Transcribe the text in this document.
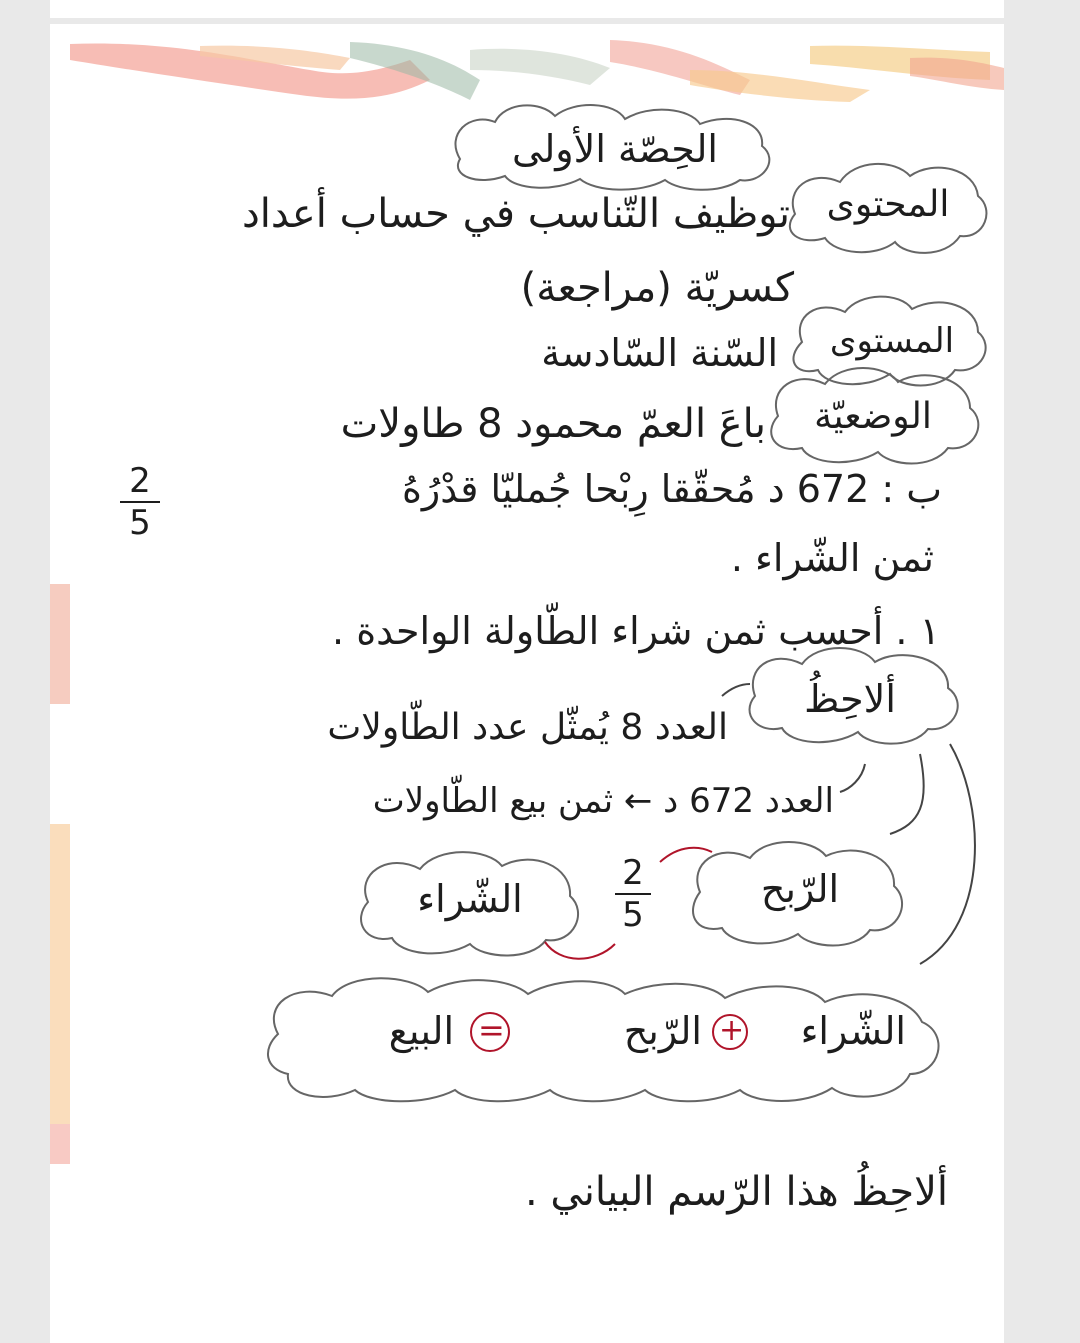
الحِصّة الأولى
المحتوى
توظيف التّناسب في حساب أعداد
كسريّة (مراجعة)
المستوى
السّنة السّادسة
الوضعيّة
باعَ العمّ محمود 8 طاولات
ب : 672 د مُحقّقا رِبْحا جُمليّا قدْرُهُ
2
5
ثمن الشّراء .
١ . أحسب ثمن شراء الطّاولة الواحدة .
ألاحِظُ
العدد 8 يُمثّل عدد الطّاولات
العدد 672 د ← ثمن بيع الطّاولات
الرّبح
2
5
الشّراء
الشّراء
+
الرّبح
=
البيع
ألاحِظُ هذا الرّسم البياني .
